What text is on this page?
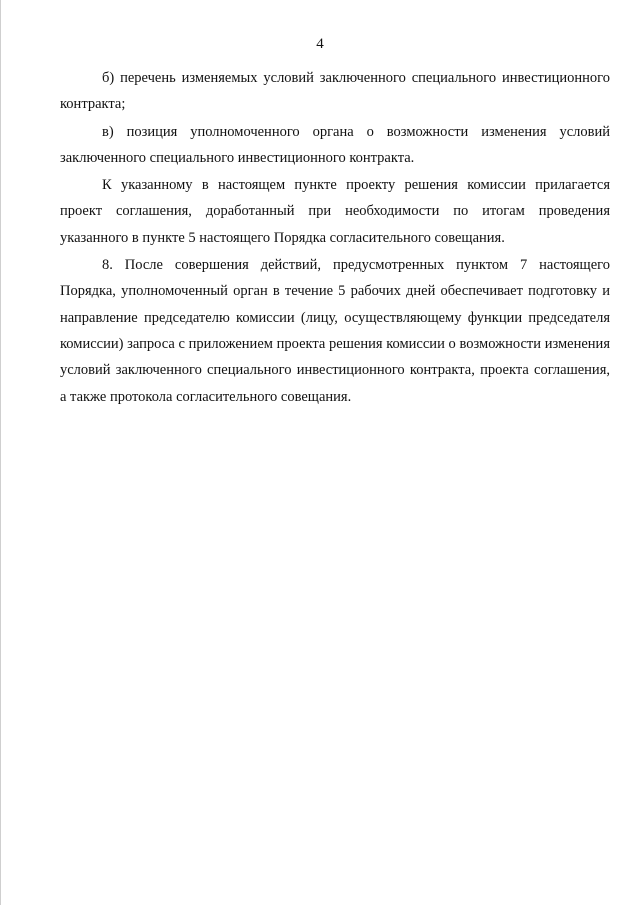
4

б) перечень изменяемых условий заключенного специального инвестиционного контракта;

в) позиция уполномоченного органа о возможности изменения условий заключенного специального инвестиционного контракта.

К указанному в настоящем пункте проекту решения комиссии прилагается проект соглашения, доработанный при необходимости по итогам проведения указанного в пункте 5 настоящего Порядка согласительного совещания.

8. После совершения действий, предусмотренных пунктом 7 настоящего Порядка, уполномоченный орган в течение 5 рабочих дней обеспечивает подготовку и направление председателю комиссии (лицу, осуществляющему функции председателя комиссии) запроса с приложением проекта решения комиссии о возможности изменения условий заключенного специального инвестиционного контракта, проекта соглашения, а также протокола согласительного совещания.
